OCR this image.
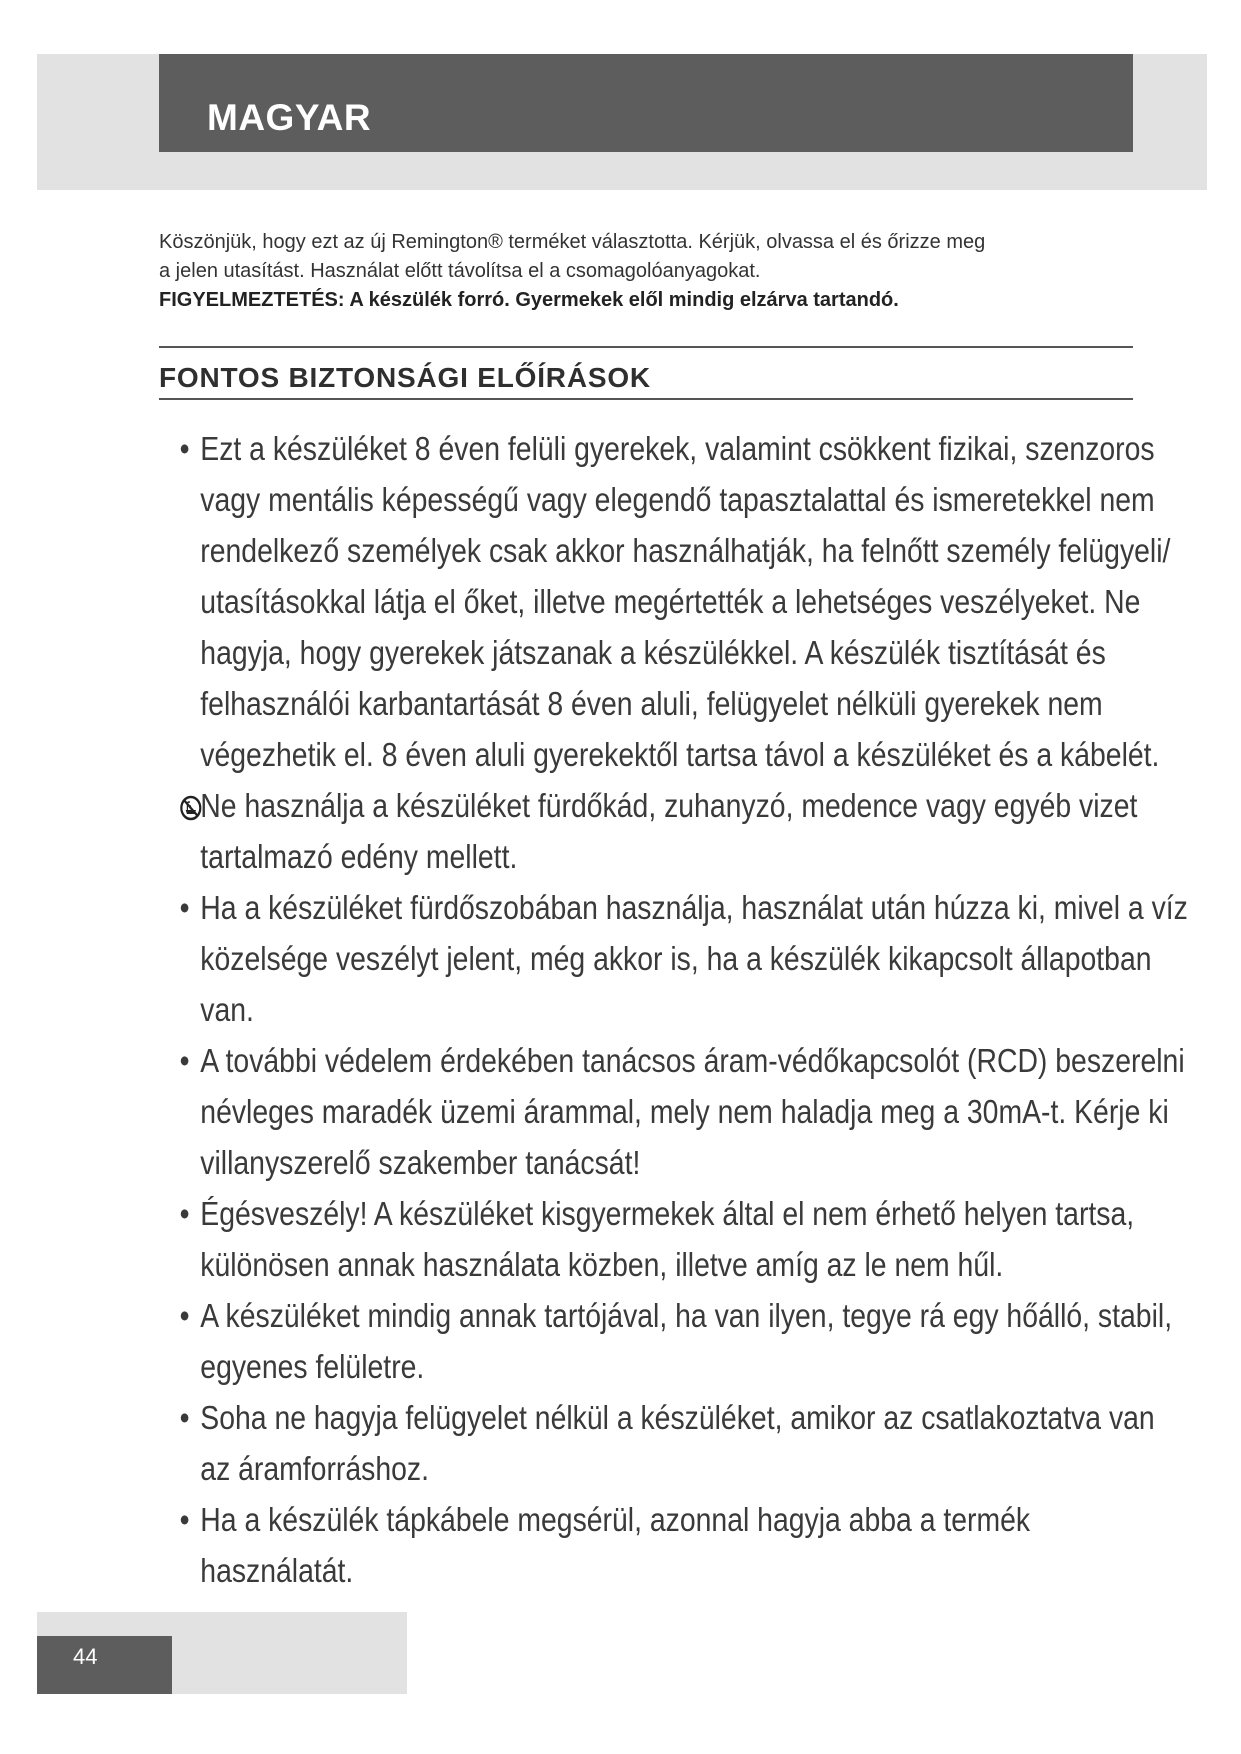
MAGYAR

Köszönjük, hogy ezt az új Remington® terméket választotta. Kérjük, olvassa el és őrizze meg

a jelen utasítást. Használat előtt távolítsa el a csomagolóanyagokat.

FIGYELMEZTETÉS: A készülék forró. Gyermekek elől mindig elzárva tartandó.

FONTOS BIZTONSÁGI ELŐÍRÁSOK
• Ezt a készüléket 8 éven felüli gyerekek, valamint csökkent fizikai, szenzoros vagy mentális képességű vagy elegendő tapasztalattal és ismeretekkel nem rendelkező személyek csak akkor használhatják, ha felnőtt személy felügyeli/ utasításokkal látja el őket, illetve megértették a lehetséges veszélyeket. Ne hagyja, hogy gyerekek játszanak a készülékkel. A készülék tisztítását és felhasználói karbantartását 8 éven aluli, felügyelet nélküli gyerekek nem végezhetik el. 8 éven aluli gyerekektől tartsa távol a készüléket és a kábelét.
Ne használja a készüléket fürdőkád, zuhanyzó, medence vagy egyéb vizet tartalmazó edény mellett.
• Ha a készüléket fürdőszobában használja, használat után húzza ki, mivel a víz közelsége veszélyt jelent, még akkor is, ha a készülék kikapcsolt állapotban van.
• A további védelem érdekében tanácsos áram-védőkapcsolót (RCD) beszerelni névleges maradék üzemi árammal, mely nem haladja meg a 30mA-t. Kérje ki villanyszerelő szakember tanácsát!
• Égésveszély! A készüléket kisgyermekek által el nem érhető helyen tartsa, különösen annak használata közben, illetve amíg az le nem hűl.
• A készüléket mindig annak tartójával, ha van ilyen, tegye rá egy hőálló, stabil, egyenes felületre.
• Soha ne hagyja felügyelet nélkül a készüléket, amikor az csatlakoztatva van az áramforráshoz.
• Ha a készülék tápkábele megsérül, azonnal hagyja abba a termék használatát.
44
